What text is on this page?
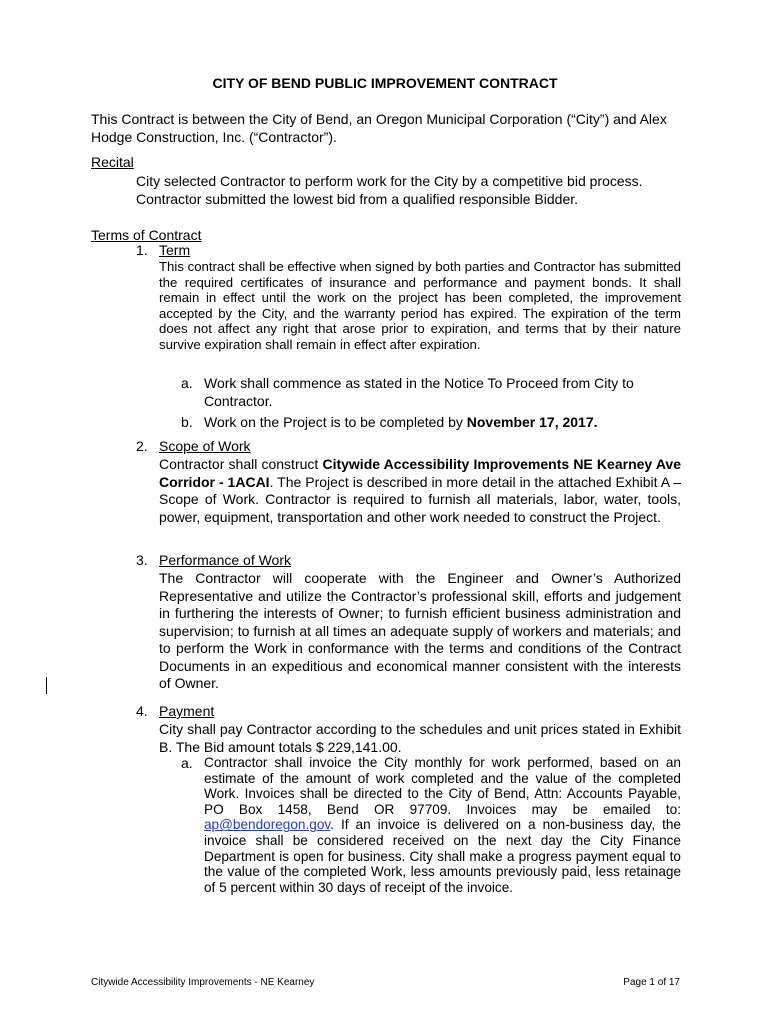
CITY OF BEND PUBLIC IMPROVEMENT CONTRACT
This Contract is between the City of Bend, an Oregon Municipal Corporation (“City”) and Alex Hodge Construction, Inc. (“Contractor”).
Recital
City selected Contractor to perform work for the City by a competitive bid process.
Contractor submitted the lowest bid from a qualified responsible Bidder.
Terms of Contract
1. Term
This contract shall be effective when signed by both parties and Contractor has submitted the required certificates of insurance and performance and payment bonds. It shall remain in effect until the work on the project has been completed, the improvement accepted by the City, and the warranty period has expired. The expiration of the term does not affect any right that arose prior to expiration, and terms that by their nature survive expiration shall remain in effect after expiration.
a. Work shall commence as stated in the Notice To Proceed from City to Contractor.
b. Work on the Project is to be completed by November 17, 2017.
2. Scope of Work
Contractor shall construct Citywide Accessibility Improvements NE Kearney Ave Corridor - 1ACAI. The Project is described in more detail in the attached Exhibit A – Scope of Work. Contractor is required to furnish all materials, labor, water, tools, power, equipment, transportation and other work needed to construct the Project.
3. Performance of Work
The Contractor will cooperate with the Engineer and Owner’s Authorized Representative and utilize the Contractor’s professional skill, efforts and judgement in furthering the interests of Owner; to furnish efficient business administration and supervision; to furnish at all times an adequate supply of workers and materials; and to perform the Work in conformance with the terms and conditions of the Contract Documents in an expeditious and economical manner consistent with the interests of Owner.
4. Payment
City shall pay Contractor according to the schedules and unit prices stated in Exhibit B. The Bid amount totals $ 229,141.00.
a. Contractor shall invoice the City monthly for work performed, based on an estimate of the amount of work completed and the value of the completed Work. Invoices shall be directed to the City of Bend, Attn: Accounts Payable, PO Box 1458, Bend OR 97709. Invoices may be emailed to: ap@bendoregon.gov. If an invoice is delivered on a non-business day, the invoice shall be considered received on the next day the City Finance Department is open for business. City shall make a progress payment equal to the value of the completed Work, less amounts previously paid, less retainage of 5 percent within 30 days of receipt of the invoice.
Citywide Accessibility Improvements - NE Kearney	Page 1 of 17
